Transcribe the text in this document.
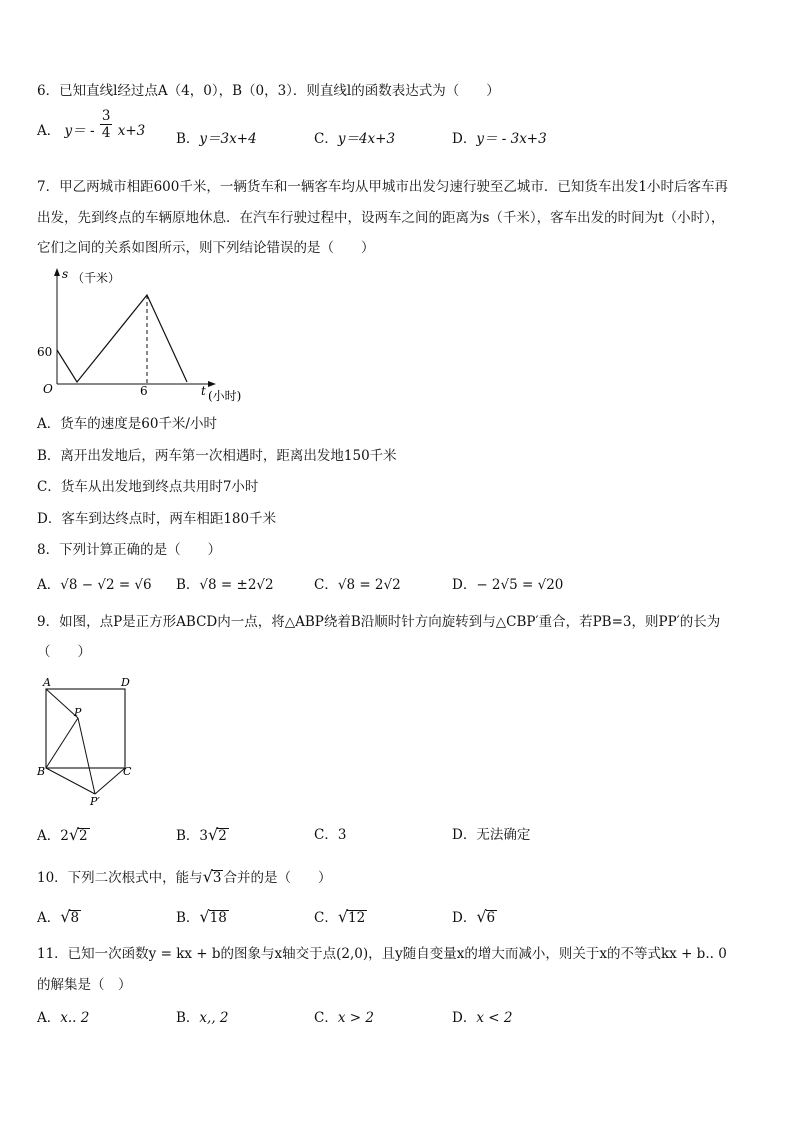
6．已知直线l经过点A（4，0），B（0，3）．则直线l的函数表达式为（　　）
A． $y= - \frac{3}{4} x+3$ B．y＝3x+4	C．y＝4x+3	D．y＝ - 3x+3
7．甲乙两城市相距600千米，一辆货车和一辆客车均从甲城市出发匀速行驶至乙城市．已知货车出发1小时后客车再
出发，先到终点的车辆原地休息．在汽车行驶过程中，设两车之间的距离为s（千米），客车出发的时间为t（小时），
它们之间的关系如图所示，则下列结论错误的是（　　）
s （千米）
60
O	6	t (小时)
A．货车的速度是60千米/小时
B．离开出发地后，两车第一次相遇时，距离出发地150千米
C．货车从出发地到终点共用时7小时
D．客车到达终点时，两车相距180千米
8．下列计算正确的是（　　）
A．√8 − √2 = √6 B．√8 = ±2√2	C．√8 = 2√2	D．− 2√5 = √20
9．如图，点P是正方形ABCD内一点，将△ABP绕着B沿顺时针方向旋转到与△CBP′重合，若PB=3，则PP′的长为
（　　）
A	D
B	C
P
P′
A．2√2	B．3√2	C．3	D．无法确定
10．下列二次根式中，能与√3 合并的是（　　）
A．√8	B．√18	C．√12	D．√6
11．已知一次函数y = kx + b的图象与x轴交于点(2,0)，且y随自变量x的增大而减小，则关于x的不等式kx + b.. 0
的解集是（　）
A．x.. 2	B．x,, 2	C．x > 2	D．x < 2
